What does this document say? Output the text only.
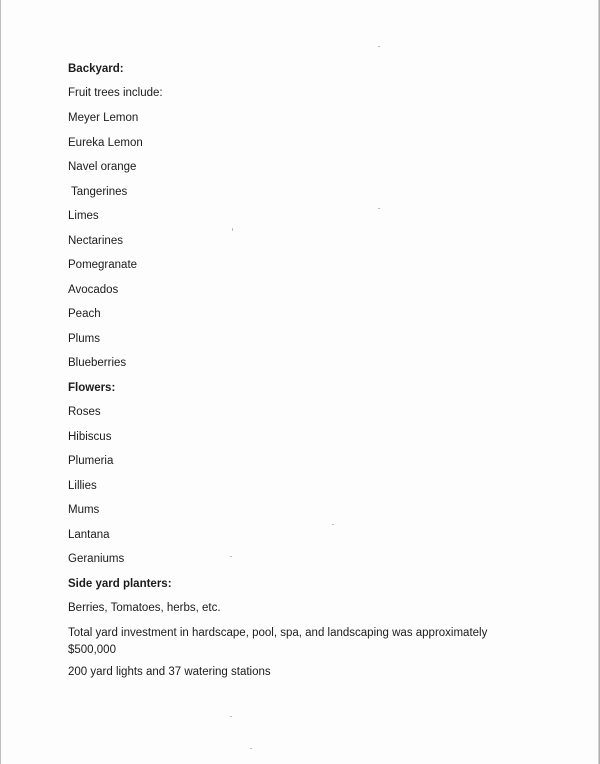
Backyard:

Fruit trees include:

Meyer Lemon

Eureka Lemon

Navel orange

Tangerines

Limes

Nectarines

Pomegranate

Avocados

Peach

Plums

Blueberries

Flowers:

Roses

Hibiscus

Plumeria

Lillies

Mums

Lantana

Geraniums

Side yard planters:

Berries, Tomatoes, herbs, etc.

Total yard investment in hardscape, pool, spa, and landscaping was approximately $500,000

200 yard lights and 37 watering stations
